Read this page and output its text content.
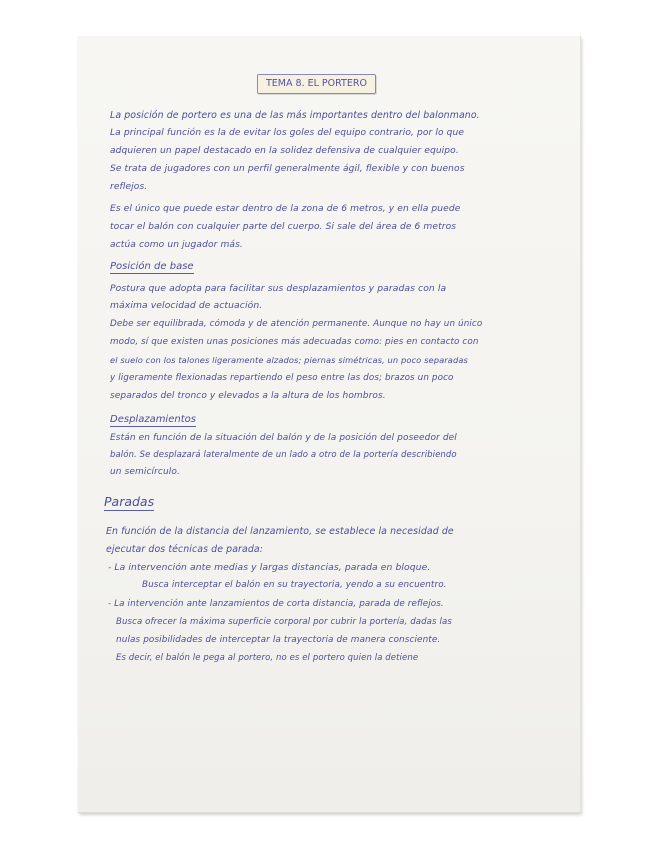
TEMA 8. EL PORTERO
La posición de portero es una de las más importantes dentro del balonmano.
La principal función es la de evitar los goles del equipo contrario, por lo que
adquieren un papel destacado en la solidez defensiva de cualquier equipo.
Se trata de jugadores con un perfil generalmente ágil, flexible y con buenos
reflejos.
Es el único que puede estar dentro de la zona de 6 metros, y en ella puede
tocar el balón con cualquier parte del cuerpo. Si sale del área de 6 metros
actúa como un jugador más.
Posición de base
Postura que adopta para facilitar sus desplazamientos y paradas con la
máxima velocidad de actuación.
Debe ser equilibrada, cómoda y de atención permanente. Aunque no hay un único
modo, sí que existen unas posiciones más adecuadas como: pies en contacto con
el suelo con los talones ligeramente alzados; piernas simétricas, un poco separadas
y ligeramente flexionadas repartiendo el peso entre las dos; brazos un poco
separados del tronco y elevados a la altura de los hombros.
Desplazamientos
Están en función de la situación del balón y de la posición del poseedor del
balón. Se desplazará lateralmente de un lado a otro de la portería describiendo
un semicírculo.
Paradas
En función de la distancia del lanzamiento, se establece la necesidad de
ejecutar dos técnicas de parada:
- La intervención ante medias y largas distancias, parada en bloque.
Busca interceptar el balón en su trayectoria, yendo a su encuentro.
- La intervención ante lanzamientos de corta distancia, parada de reflejos.
Busca ofrecer la máxima superficie corporal por cubrir la portería, dadas las
nulas posibilidades de interceptar la trayectoria de manera consciente.
Es decir, el balón le pega al portero, no es el portero quien la detiene
